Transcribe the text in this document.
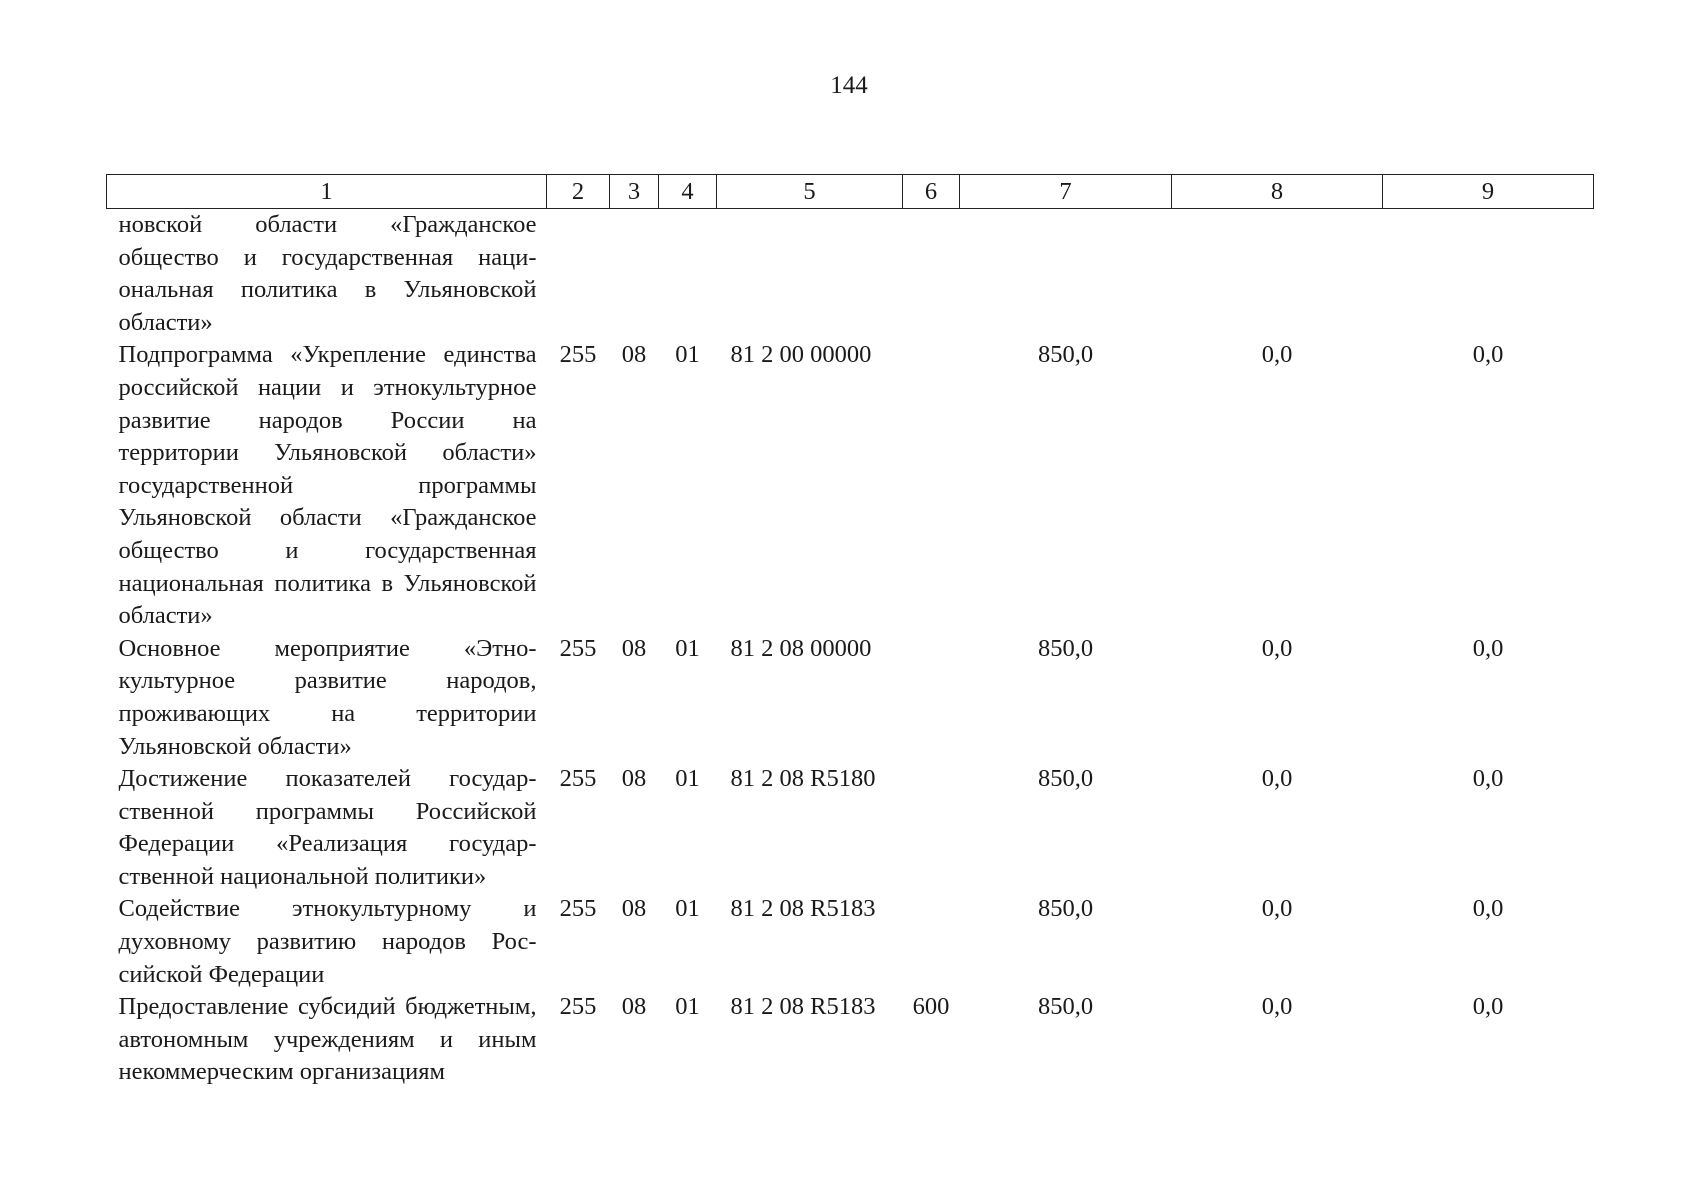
144
1	2	3	4	5	6	7	8	9
новской области «Гражданское общество и государственная национальная политика в Ульяновской области»								
Подпрограмма «Укрепление единства российской нации и этнокультурное развитие народов России на территории Ульяновской области» государственной программы Ульяновской области «Гражданское общество и государственная национальная политика в Ульяновской области»	255	08	01	81 2 00 00000		850,0	0,0	0,0
Основное мероприятие «Этнокультурное развитие народов, проживающих на территории Ульяновской области»	255	08	01	81 2 08 00000		850,0	0,0	0,0
Достижение показателей государственной программы Российской Федерации «Реализация государственной национальной политики»	255	08	01	81 2 08 R5180		850,0	0,0	0,0
Содействие этнокультурному и духовному развитию народов Российской Федерации	255	08	01	81 2 08 R5183		850,0	0,0	0,0
Предоставление субсидий бюджетным, автономным учреждениям и иным некоммерческим организациям	255	08	01	81 2 08 R5183	600	850,0	0,0	0,0
